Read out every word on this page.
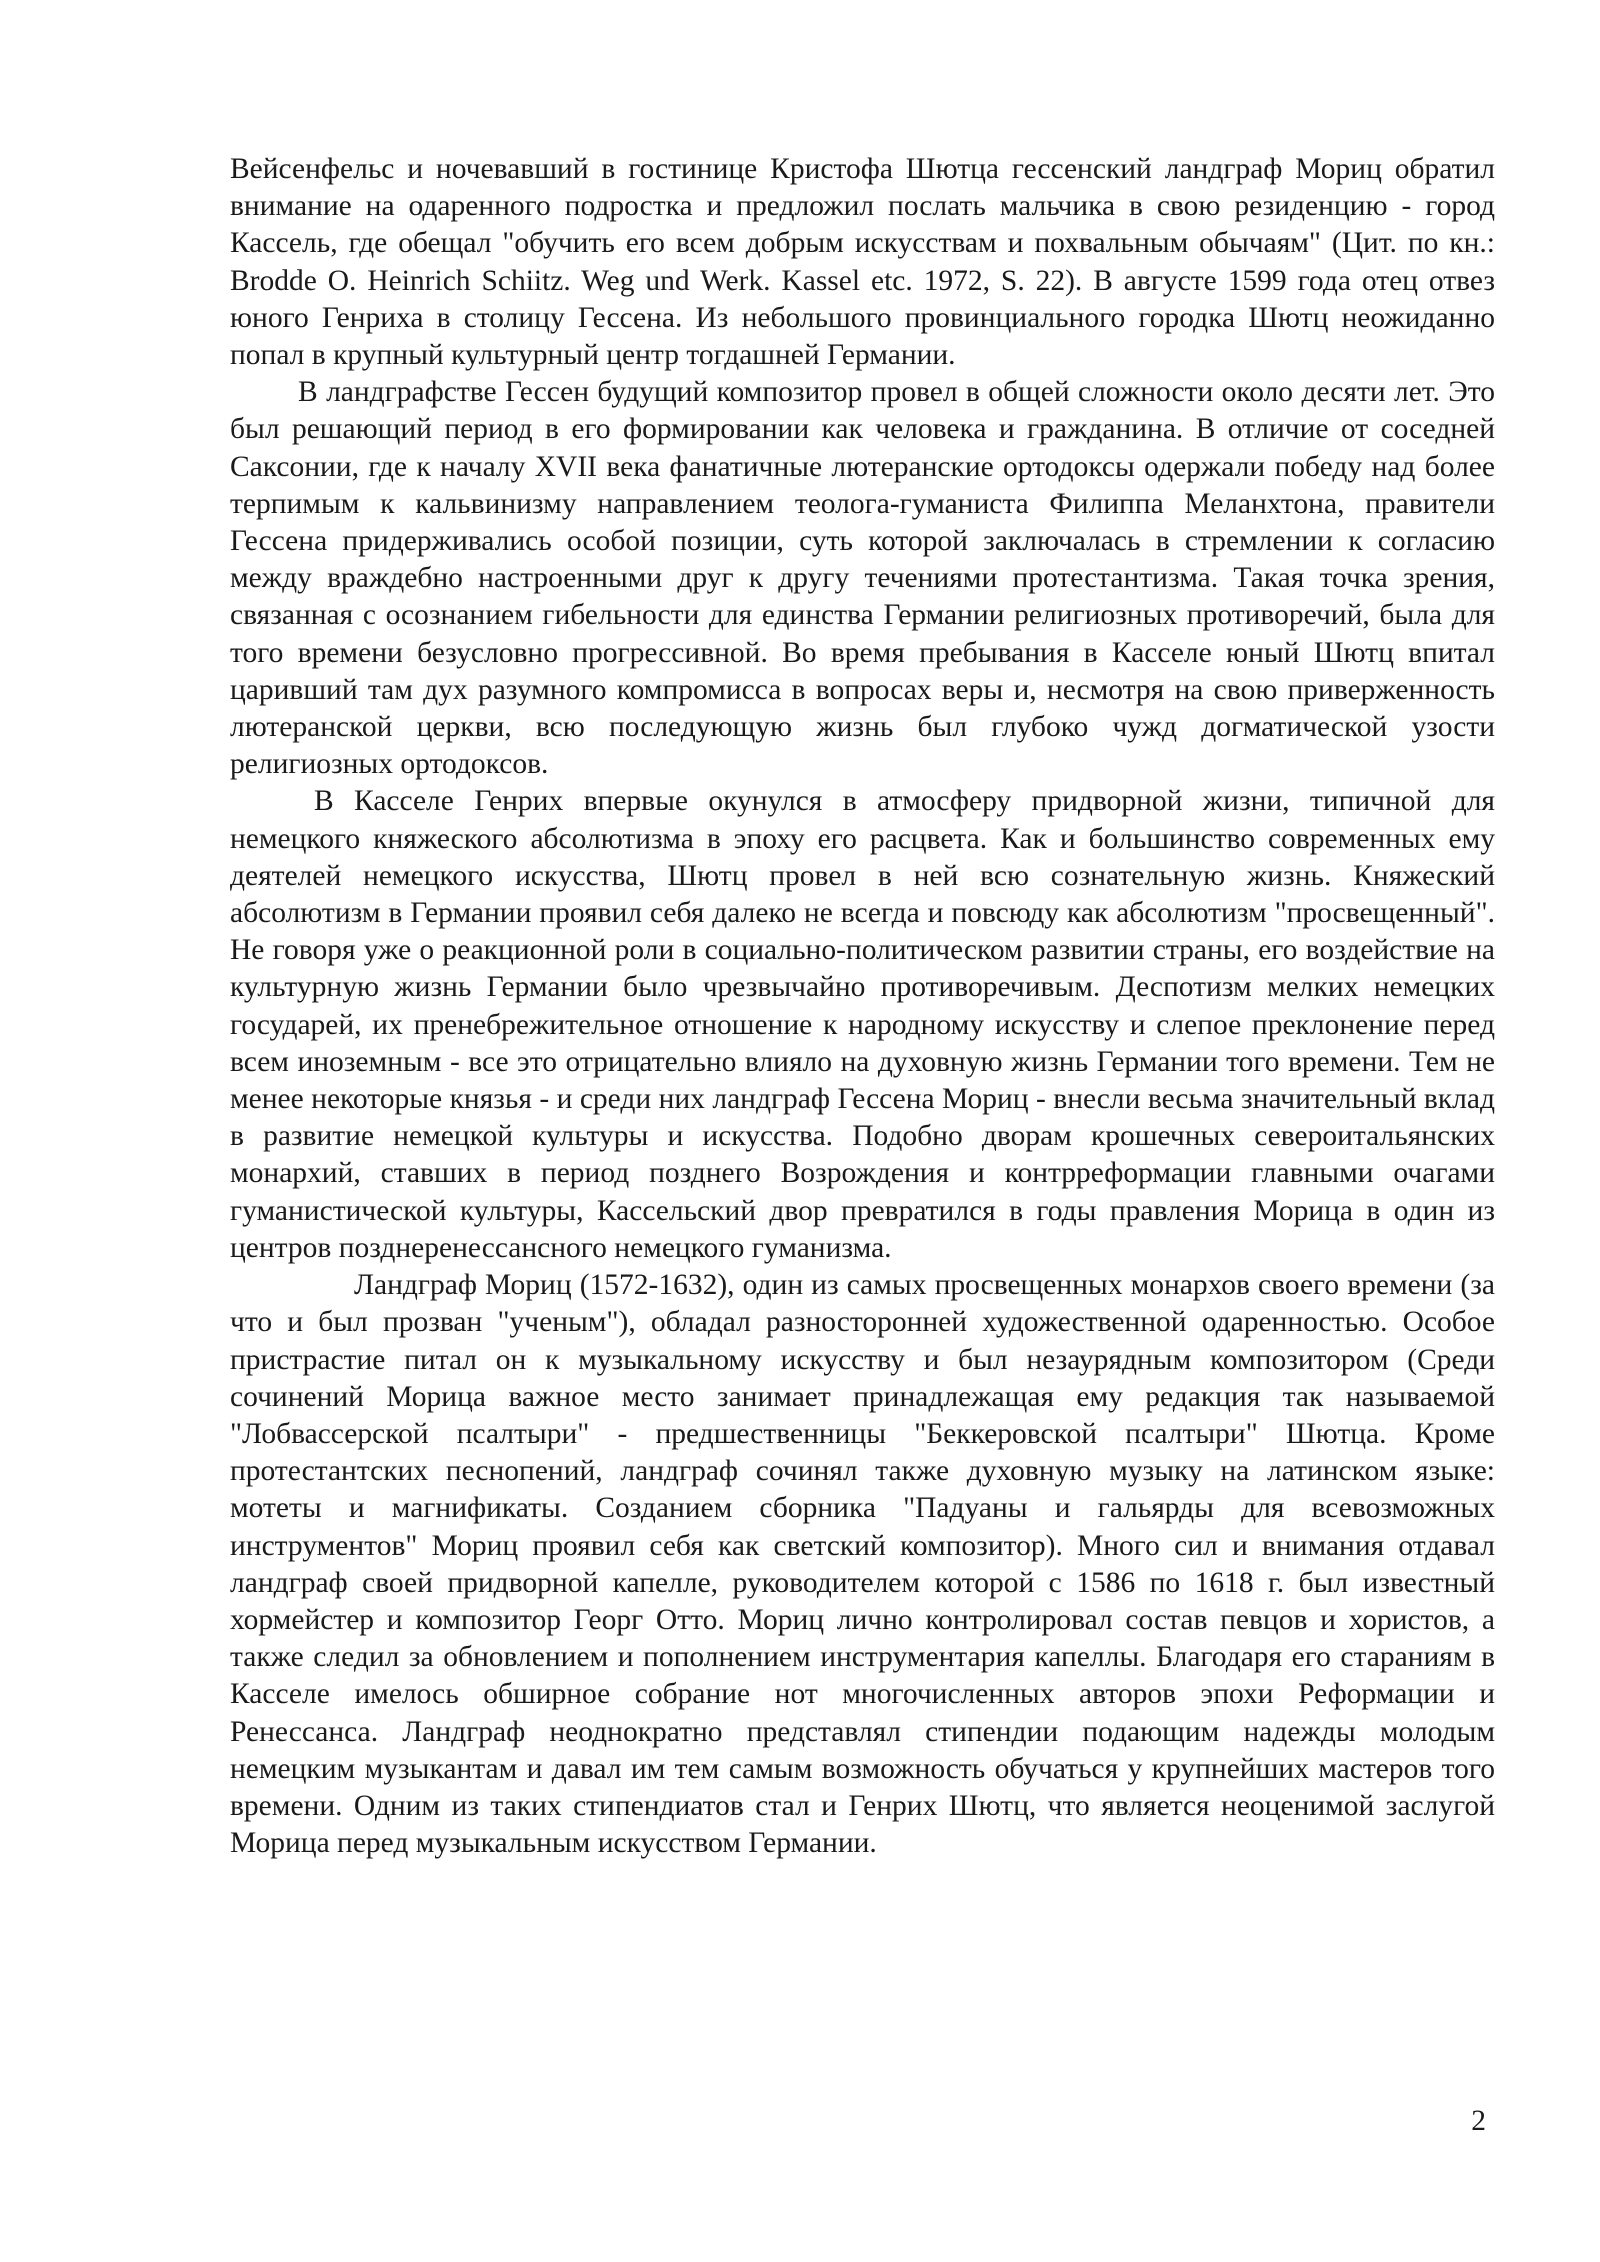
Вейсенфельс и ночевавший в гостинице Кристофа Шютца гессенский ландграф Мориц обратил внимание на одаренного подростка и предложил послать мальчика в свою резиденцию - город Кассель, где обещал "обучить его всем добрым искусствам и похвальным обычаям" (Цит. по кн.: Brodde O. Heinrich Schiitz. Weg und Werk. Kassel etc. 1972, S. 22). В августе 1599 года отец отвез юного Генриха в столицу Гессена. Из небольшого провинциального городка Шютц неожиданно попал в крупный культурный центр тогдашней Германии.

В ландграфстве Гессен будущий композитор провел в общей сложности около десяти лет. Это был решающий период в его формировании как человека и гражданина. В отличие от соседней Саксонии, где к началу XVII века фанатичные лютеранские ортодоксы одержали победу над более терпимым к кальвинизму направлением теолога-гуманиста Филиппа Меланхтона, правители Гессена придерживались особой позиции, суть которой заключалась в стремлении к согласию между враждебно настроенными друг к другу течениями протестантизма. Такая точка зрения, связанная с осознанием гибельности для единства Германии религиозных противоречий, была для того времени безусловно прогрессивной. Во время пребывания в Касселе юный Шютц впитал царивший там дух разумного компромисса в вопросах веры и, несмотря на свою приверженность лютеранской церкви, всю последующую жизнь был глубоко чужд догматической узости религиозных ортодоксов.

В Касселе Генрих впервые окунулся в атмосферу придворной жизни, типичной для немецкого княжеского абсолютизма в эпоху его расцвета. Как и большинство современных ему деятелей немецкого искусства, Шютц провел в ней всю сознательную жизнь. Княжеский абсолютизм в Германии проявил себя далеко не всегда и повсюду как абсолютизм "просвещенный". Не говоря уже о реакционной роли в социально-политическом развитии страны, его воздействие на культурную жизнь Германии было чрезвычайно противоречивым. Деспотизм мелких немецких государей, их пренебрежительное отношение к народному искусству и слепое преклонение перед всем иноземным - все это отрицательно влияло на духовную жизнь Германии того времени. Тем не менее некоторые князья - и среди них ландграф Гессена Мориц - внесли весьма значительный вклад в развитие немецкой культуры и искусства. Подобно дворам крошечных североитальянских монархий, ставших в период позднего Возрождения и контрреформации главными очагами гуманистической культуры, Кассельский двор превратился в годы правления Морица в один из центров позднеренессансного немецкого гуманизма.

Ландграф Мориц (1572-1632), один из самых просвещенных монархов своего времени (за что и был прозван "ученым"), обладал разносторонней художественной одаренностью. Особое пристрастие питал он к музыкальному искусству и был незаурядным композитором (Среди сочинений Морица важное место занимает принадлежащая ему редакция так называемой "Лобвассерской псалтыри" - предшественницы "Беккеровской псалтыри" Шютца. Кроме протестантских песнопений, ландграф сочинял также духовную музыку на латинском языке: мотеты и магнификаты. Созданием сборника "Падуаны и гальярды для всевозможных инструментов" Мориц проявил себя как светский композитор). Много сил и внимания отдавал ландграф своей придворной капелле, руководителем которой с 1586 по 1618 г. был известный хормейстер и композитор Георг Отто. Мориц лично контролировал состав певцов и хористов, а также следил за обновлением и пополнением инструментария капеллы. Благодаря его стараниям в Касселе имелось обширное собрание нот многочисленных авторов эпохи Реформации и Ренессанса. Ландграф неоднократно представлял стипендии подающим надежды молодым немецким музыкантам и давал им тем самым возможность обучаться у крупнейших мастеров того времени. Одним из таких стипендиатов стал и Генрих Шютц, что является неоценимой заслугой Морица перед музыкальным искусством Германии.

2
